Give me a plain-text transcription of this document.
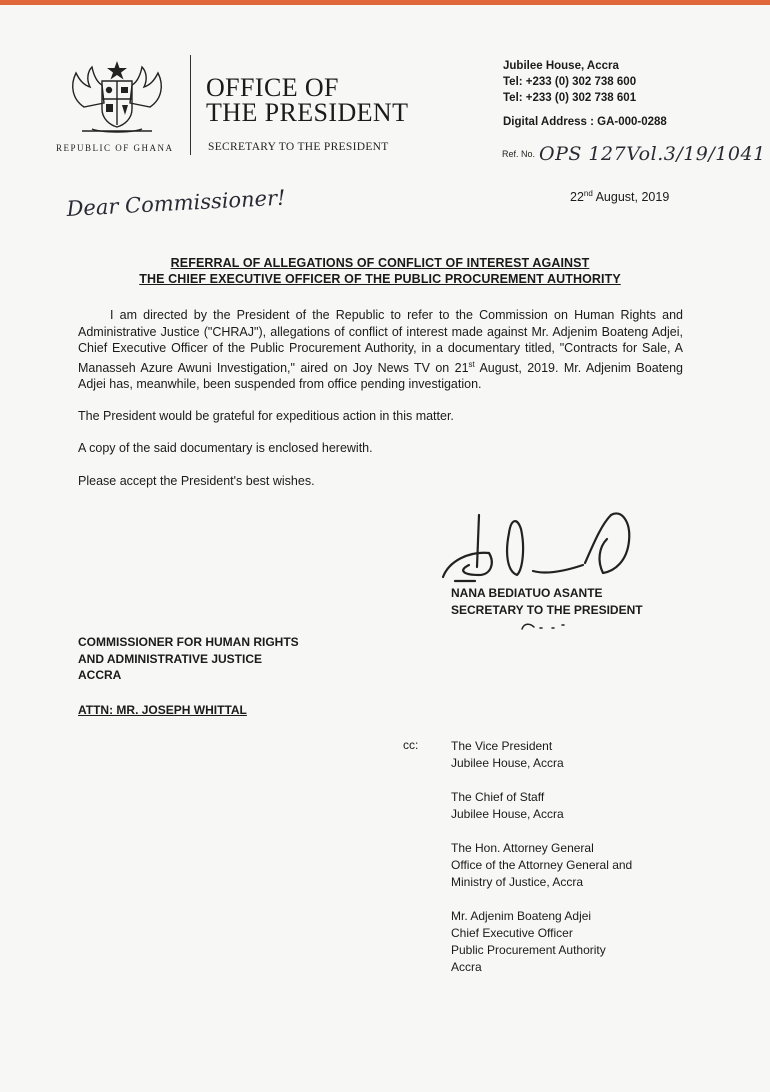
REPUBLIC OF GHANA
OFFICE OF
THE PRESIDENT
SECRETARY TO THE PRESIDENT
Jubilee House, Accra
Tel: +233 (0) 302 738 600
Tel: +233 (0) 302 738 601
Digital Address : GA-000-0288
Ref. No. OPS 127Vol.3/19/1041
22nd August, 2019
Dear Commissioner!
REFERRAL OF ALLEGATIONS OF CONFLICT OF INTEREST AGAINST
THE CHIEF EXECUTIVE OFFICER OF THE PUBLIC PROCUREMENT AUTHORITY

I am directed by the President of the Republic to refer to the Commission on Human Rights and Administrative Justice ("CHRAJ"), allegations of conflict of interest made against Mr. Adjenim Boateng Adjei, Chief Executive Officer of the Public Procurement Authority, in a documentary titled, "Contracts for Sale, A Manasseh Azure Awuni Investigation," aired on Joy News TV on 21st August, 2019. Mr. Adjenim Boateng Adjei has, meanwhile, been suspended from office pending investigation.

The President would be grateful for expeditious action in this matter.

A copy of the said documentary is enclosed herewith.

Please accept the President's best wishes.

NANA BEDIATUO ASANTE
SECRETARY TO THE PRESIDENT
COMMISSIONER FOR HUMAN RIGHTS
AND ADMINISTRATIVE JUSTICE
ACCRA
ATTN: MR. JOSEPH WHITTAL
cc:	The Vice President
Jubilee House, Accra
The Chief of Staff
Jubilee House, Accra
The Hon. Attorney General
Office of the Attorney General and
Ministry of Justice, Accra
Mr. Adjenim Boateng Adjei
Chief Executive Officer
Public Procurement Authority
Accra
